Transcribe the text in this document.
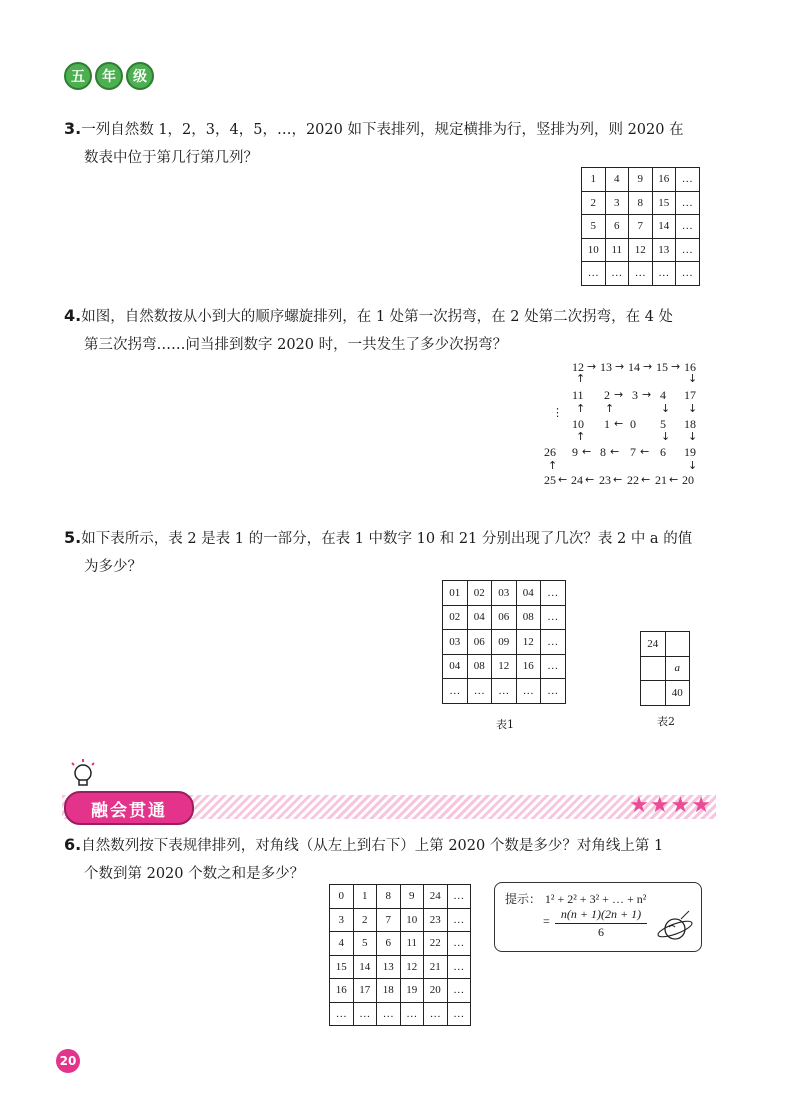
五	年	级
3.一列自然数 1，2，3，4，5，…，2020 如下表排列，规定横排为行，竖排为列，则 2020 在
数表中位于第几行第几列？
1	4	9	16	…
2	3	8	15	…
5	6	7	14	…
10	11	12	13	…
…	…	…	…	…
4.如图，自然数按从小到大的顺序螺旋排列，在 1 处第一次拐弯，在 2 处第二次拐弯，在 4 处
第三次拐弯……问当排到数字 2020 时，一共发生了多少次拐弯？
12 → 13 → 14 → 15 → 16
↑	↓
11 2 → 3 → 4 17
⋮ ↑ ↑	↓ ↓
10 1 ← 0 5 18
↑	↓ ↓
26 9 ← 8 ← 7 ← 6 19
↑	↓
25 ← 24 ← 23 ← 22 ← 21 ← 20
5.如下表所示，表 2 是表 1 的一部分，在表 1 中数字 10 和 21 分别出现了几次？表 2 中 a 的值
为多少？
01	02	03	04	…
02	04	06	08	…
03	06	09	12	…
04	08	12	16	…
…	…	…	…	…
表1
24	
	a
	40
表2
融会贯通	★★★★
6.自然数列按下表规律排列，对角线（从左上到右下）上第 2020 个数是多少？对角线上第 1
个数到第 2020 个数之和是多少？
0	1	8	9	24	…
3	2	7	10	23	…
4	5	6	11	22	…
15	14	13	12	21	…
16	17	18	19	20	…
…	…	…	…	…	…
提示： 1² + 2² + 3² + … + n²
= $\frac{n(n + 1)(2n + 1)}{6}$
20
